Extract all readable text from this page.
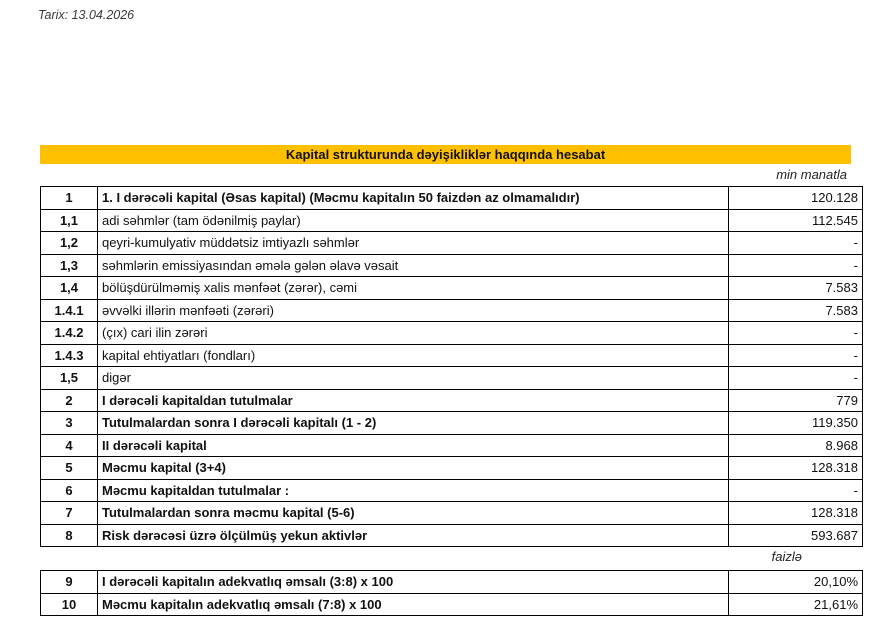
Tarix: 13.04.2026
Kapital strukturunda dəyişikliklər haqqında hesabat
min manatla
1	1. I dərəcəli kapital (Əsas kapital) (Məcmu kapitalın 50 faizdən az olmamalıdır)	120.128
1,1	adi səhmlər (tam ödənilmiş paylar)	112.545
1,2	qeyri-kumulyativ müddətsiz imtiyazlı səhmlər	-
1,3	səhmlərin emissiyasından əmələ gələn əlavə vəsait	-
1,4	bölüşdürülməmiş xalis mənfəət (zərər), cəmi	7.583
1.4.1	əvvəlki illərin mənfəəti (zərəri)	7.583
1.4.2	(çıx) cari ilin zərəri	-
1.4.3	kapital ehtiyatları (fondları)	-
1,5	digər	-
2	I dərəcəli kapitaldan tutulmalar	779
3	Tutulmalardan sonra I dərəcəli kapitalı (1 - 2)	119.350
4	II dərəcəli kapital	8.968
5	Məcmu kapital (3+4)	128.318
6	Məcmu kapitaldan tutulmalar :	-
7	Tutulmalardan sonra məcmu kapital (5-6)	128.318
8	Risk dərəcəsi üzrə ölçülmüş yekun aktivlər	593.687
faizlə
9	I dərəcəli kapitalın adekvatlıq əmsalı (3:8) x 100	20,10%
10	Məcmu kapitalın adekvatlıq əmsalı (7:8) x 100	21,61%
